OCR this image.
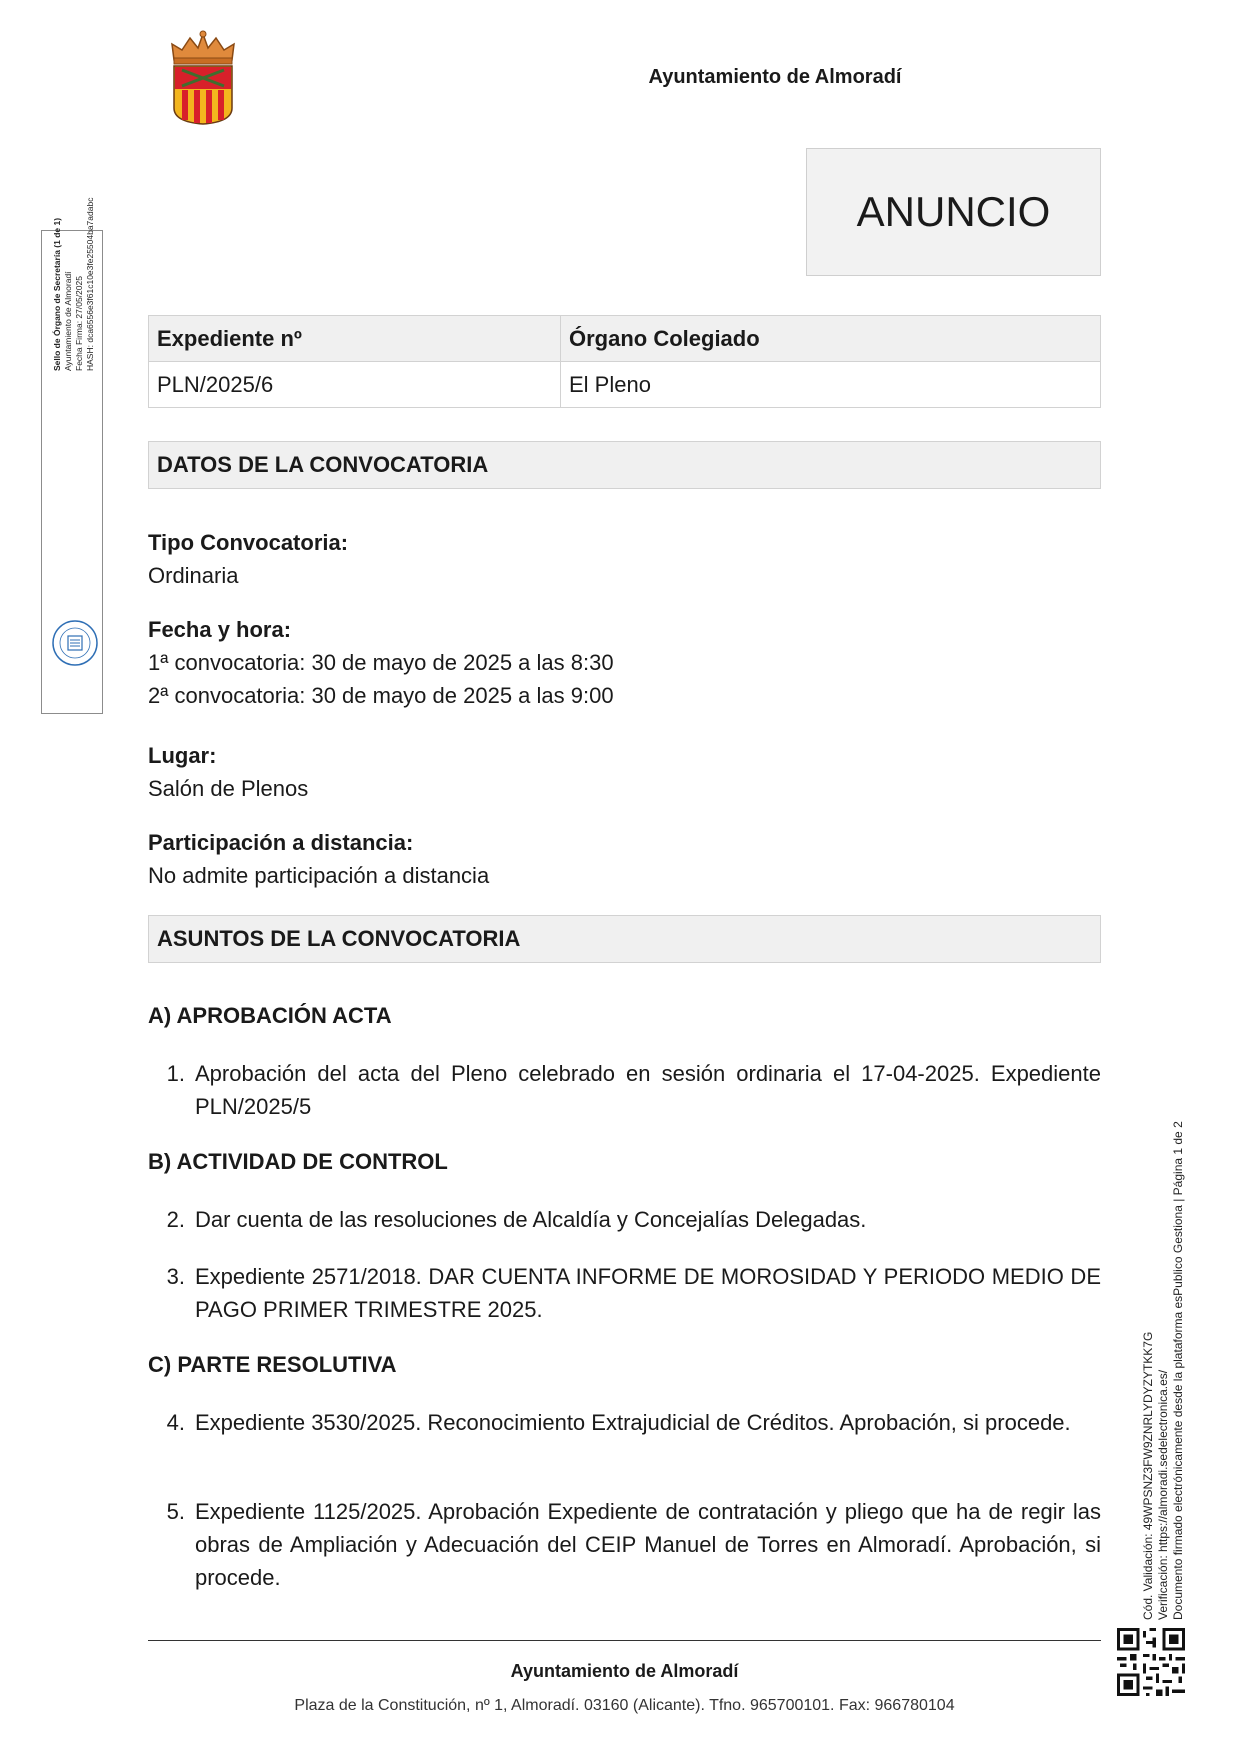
Ayuntamiento de Almoradí
ANUNCIO
Sello de Órgano de Secretaría (1 de 1) Ayuntamiento de Almoradí Fecha Firma: 27/05/2025 HASH: dca6556e3f61c10e3fe25504ba7adabc	Expediente nº	Órgano Colegiado
PLN/2025/6	El Pleno
DATOS DE LA CONVOCATORIA
Tipo Convocatoria:
Ordinaria
Fecha y hora:
1ª convocatoria: 30 de mayo de 2025 a las 8:30
2ª convocatoria: 30 de mayo de 2025 a las 9:00
Lugar:
Salón de Plenos
Participación a distancia:
No admite participación a distancia
ASUNTOS DE LA CONVOCATORIA
A) APROBACIÓN ACTA
1. Aprobación del acta del Pleno celebrado en sesión ordinaria el 17-04-2025. Expediente PLN/2025/5
B) ACTIVIDAD DE CONTROL
2. Dar cuenta de las resoluciones de Alcaldía y Concejalías Delegadas.
3. Expediente 2571/2018. DAR CUENTA INFORME DE MOROSIDAD Y PERIODO MEDIO DE PAGO PRIMER TRIMESTRE 2025.
C) PARTE RESOLUTIVA
4. Expediente 3530/2025. Reconocimiento Extrajudicial de Créditos. Aprobación, si procede.
5. Expediente 1125/2025. Aprobación Expediente de contratación y pliego que ha de regir las obras de Ampliación y Adecuación del CEIP Manuel de Torres en Almoradí. Aprobación, si procede.	Cód. Validación: 49WPSNZ3FW9ZNRLYDYZYTKK7G Verificación: https://almoradi.sedelectronica.es/ Documento firmado electrónicamente desde la plataforma esPublico Gestiona | Página 1 de 2
Ayuntamiento de Almoradí
Plaza de la Constitución, nº 1, Almoradí. 03160 (Alicante). Tfno. 965700101. Fax: 966780104
